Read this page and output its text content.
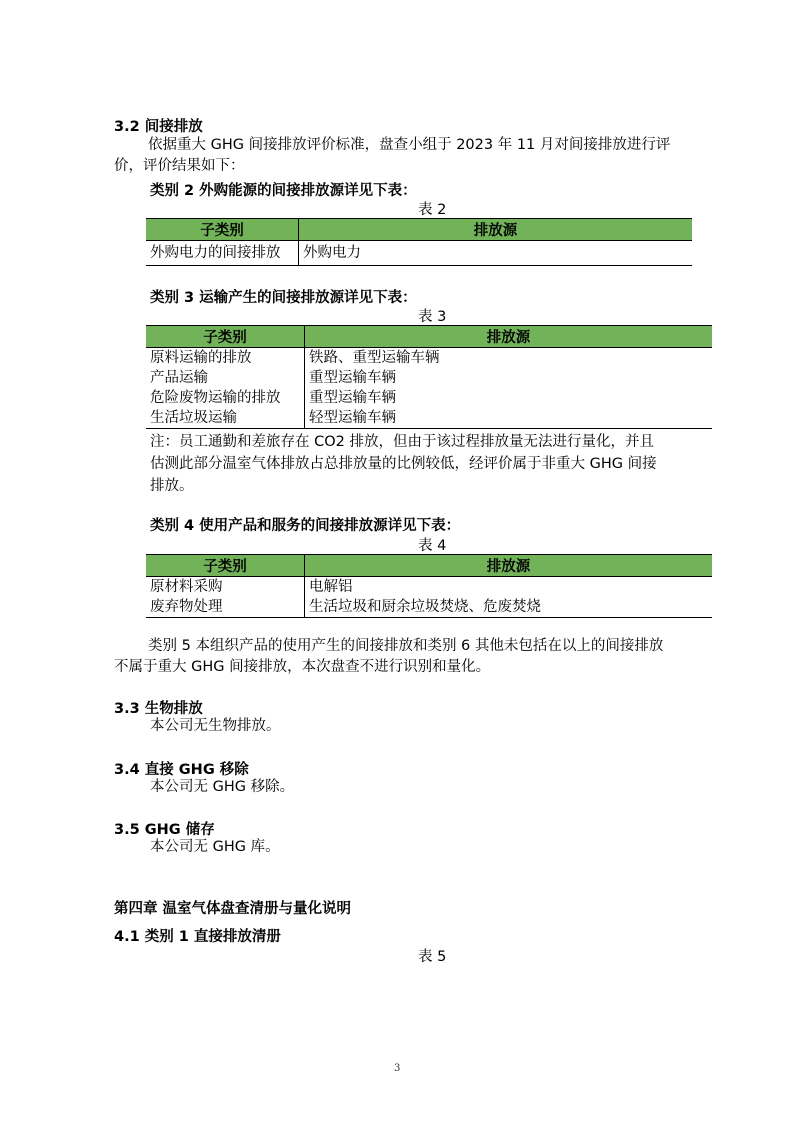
3.2 间接排放
依据重大 GHG 间接排放评价标准，盘查小组于 2023 年 11 月对间接排放进行评
价，评价结果如下：
类别 2 外购能源的间接排放源详见下表：
表 2
子类别	排放源
外购电力的间接排放	外购电力
类别 3 运输产生的间接排放源详见下表：
表 3
子类别	排放源
原料运输的排放	铁路、重型运输车辆
产品运输	重型运输车辆
危险废物运输的排放	重型运输车辆
生活垃圾运输	轻型运输车辆
注：员工通勤和差旅存在 CO2 排放，但由于该过程排放量无法进行量化，并且
估测此部分温室气体排放占总排放量的比例较低，经评价属于非重大 GHG 间接
排放。
类别 4 使用产品和服务的间接排放源详见下表：
表 4
子类别	排放源
原材料采购	电解铝
废弃物处理	生活垃圾和厨余垃圾焚烧、危废焚烧
类别 5 本组织产品的使用产生的间接排放和类别 6 其他未包括在以上的间接排放
不属于重大 GHG 间接排放，本次盘查不进行识别和量化。
3.3 生物排放
本公司无生物排放。
3.4 直接 GHG 移除
本公司无 GHG 移除。
3.5 GHG 储存
本公司无 GHG 库。
第四章 温室气体盘查清册与量化说明
4.1 类别 1 直接排放清册
表 5
3
